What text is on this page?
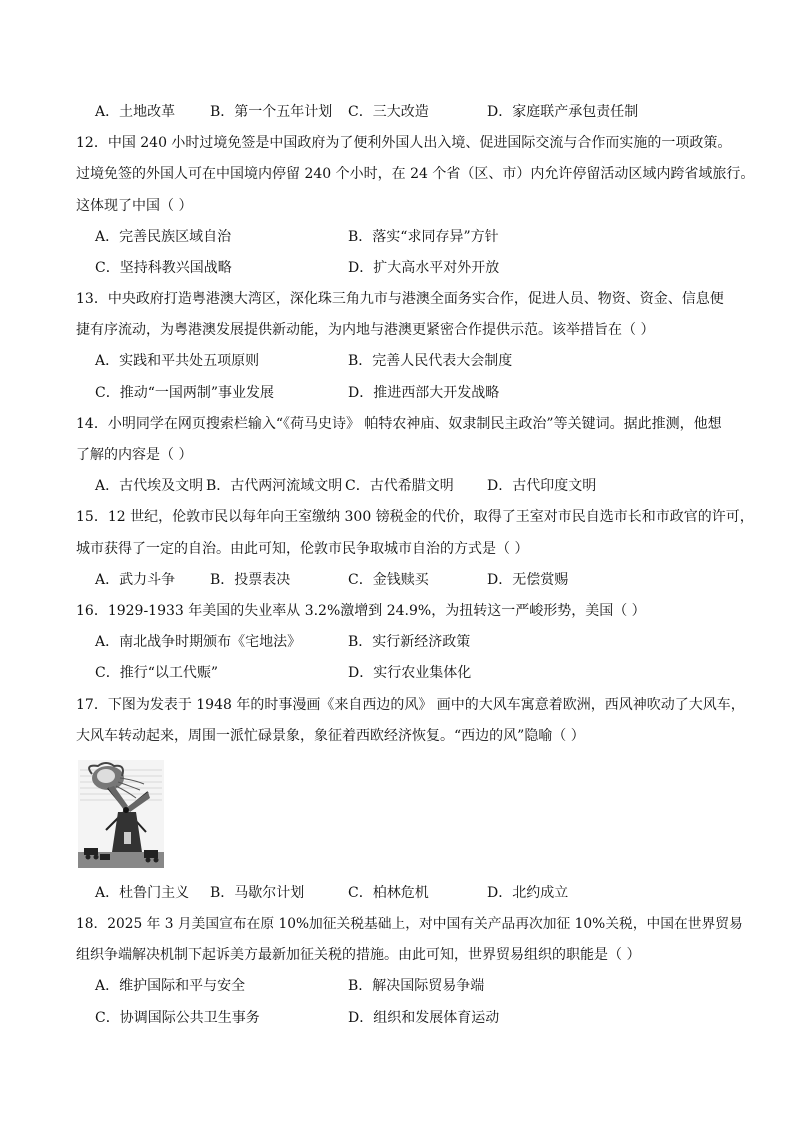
A．土地改革 B．第一个五年计划 C．三大改造	D．家庭联产承包责任制
12．中国 240 小时过境免签是中国政府为了便利外国人出入境、促进国际交流与合作而实施的一项政策。
过境免签的外国人可在中国境内停留 240 个小时，在 24 个省（区、市）内允许停留活动区域内跨省域旅行。
这体现了中国（ ）
A．完善民族区域自治	B．落实“求同存异”方针
C．坚持科教兴国战略	D．扩大高水平对外开放
13．中央政府打造粤港澳大湾区，深化珠三角九市与港澳全面务实合作，促进人员、物资、资金、信息便
捷有序流动，为粤港澳发展提供新动能，为内地与港澳更紧密合作提供示范。该举措旨在（ ）
A．实践和平共处五项原则	B．完善人民代表大会制度
C．推动“一国两制”事业发展	D．推进西部大开发战略
14．小明同学在网页搜索栏输入“《荷马史诗》 帕特农神庙、奴隶制民主政治”等关键词。据此推测，他想
了解的内容是（ ）
A．古代埃及文明 B．古代两河流域文明 C．古代希腊文明 D．古代印度文明
15．12 世纪，伦敦市民以每年向王室缴纳 300 镑税金的代价，取得了王室对市民自选市长和市政官的许可，
城市获得了一定的自治。由此可知，伦敦市民争取城市自治的方式是（ ）
A．武力斗争 B．投票表决	C．金钱赎买	D．无偿赏赐
16．1929-1933 年美国的失业率从 3.2%激增到 24.9%，为扭转这一严峻形势，美国（ ）
A．南北战争时期颁布《宅地法》	B．实行新经济政策
C．推行“以工代赈”	D．实行农业集体化
17．下图为发表于 1948 年的时事漫画《来自西边的风》 画中的大风车寓意着欧洲，西风神吹动了大风车，
大风车转动起来，周围一派忙碌景象，象征着西欧经济恢复。“西边的风”隐喻（ ）
A．杜鲁门主义 B．马歇尔计划	C．柏林危机	D．北约成立
18．2025 年 3 月美国宣布在原 10%加征关税基础上，对中国有关产品再次加征 10%关税，中国在世界贸易
组织争端解决机制下起诉美方最新加征关税的措施。由此可知，世界贸易组织的职能是（ ）
A．维护国际和平与安全	B．解决国际贸易争端
C．协调国际公共卫生事务	D．组织和发展体育运动
